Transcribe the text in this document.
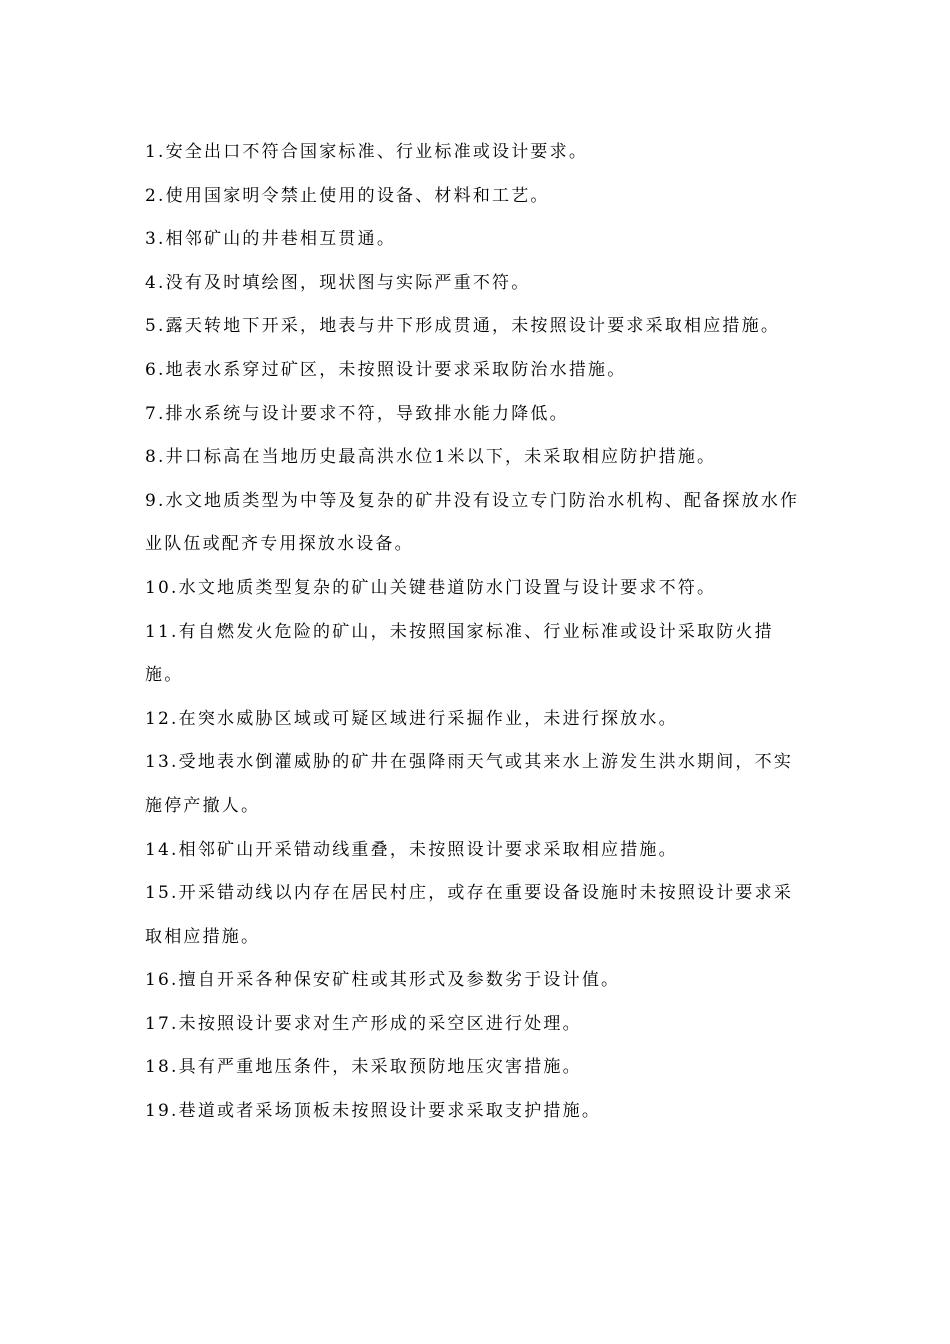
1.安全出口不符合国家标准、行业标准或设计要求。
2.使用国家明令禁止使用的设备、材料和工艺。
3.相邻矿山的井巷相互贯通。
4.没有及时填绘图，现状图与实际严重不符。
5.露天转地下开采，地表与井下形成贯通，未按照设计要求采取相应措施。
6.地表水系穿过矿区，未按照设计要求采取防治水措施。
7.排水系统与设计要求不符，导致排水能力降低。
8.井口标高在当地历史最高洪水位1米以下，未采取相应防护措施。
9.水文地质类型为中等及复杂的矿井没有设立专门防治水机构、配备探放水作业队伍或配齐专用探放水设备。
10.水文地质类型复杂的矿山关键巷道防水门设置与设计要求不符。
11.有自燃发火危险的矿山，未按照国家标准、行业标准或设计采取防火措施。
12.在突水威胁区域或可疑区域进行采掘作业，未进行探放水。
13.受地表水倒灌威胁的矿井在强降雨天气或其来水上游发生洪水期间，不实施停产撤人。
14.相邻矿山开采错动线重叠，未按照设计要求采取相应措施。
15.开采错动线以内存在居民村庄，或存在重要设备设施时未按照设计要求采取相应措施。
16.擅自开采各种保安矿柱或其形式及参数劣于设计值。
17.未按照设计要求对生产形成的采空区进行处理。
18.具有严重地压条件，未采取预防地压灾害措施。
19.巷道或者采场顶板未按照设计要求采取支护措施。
